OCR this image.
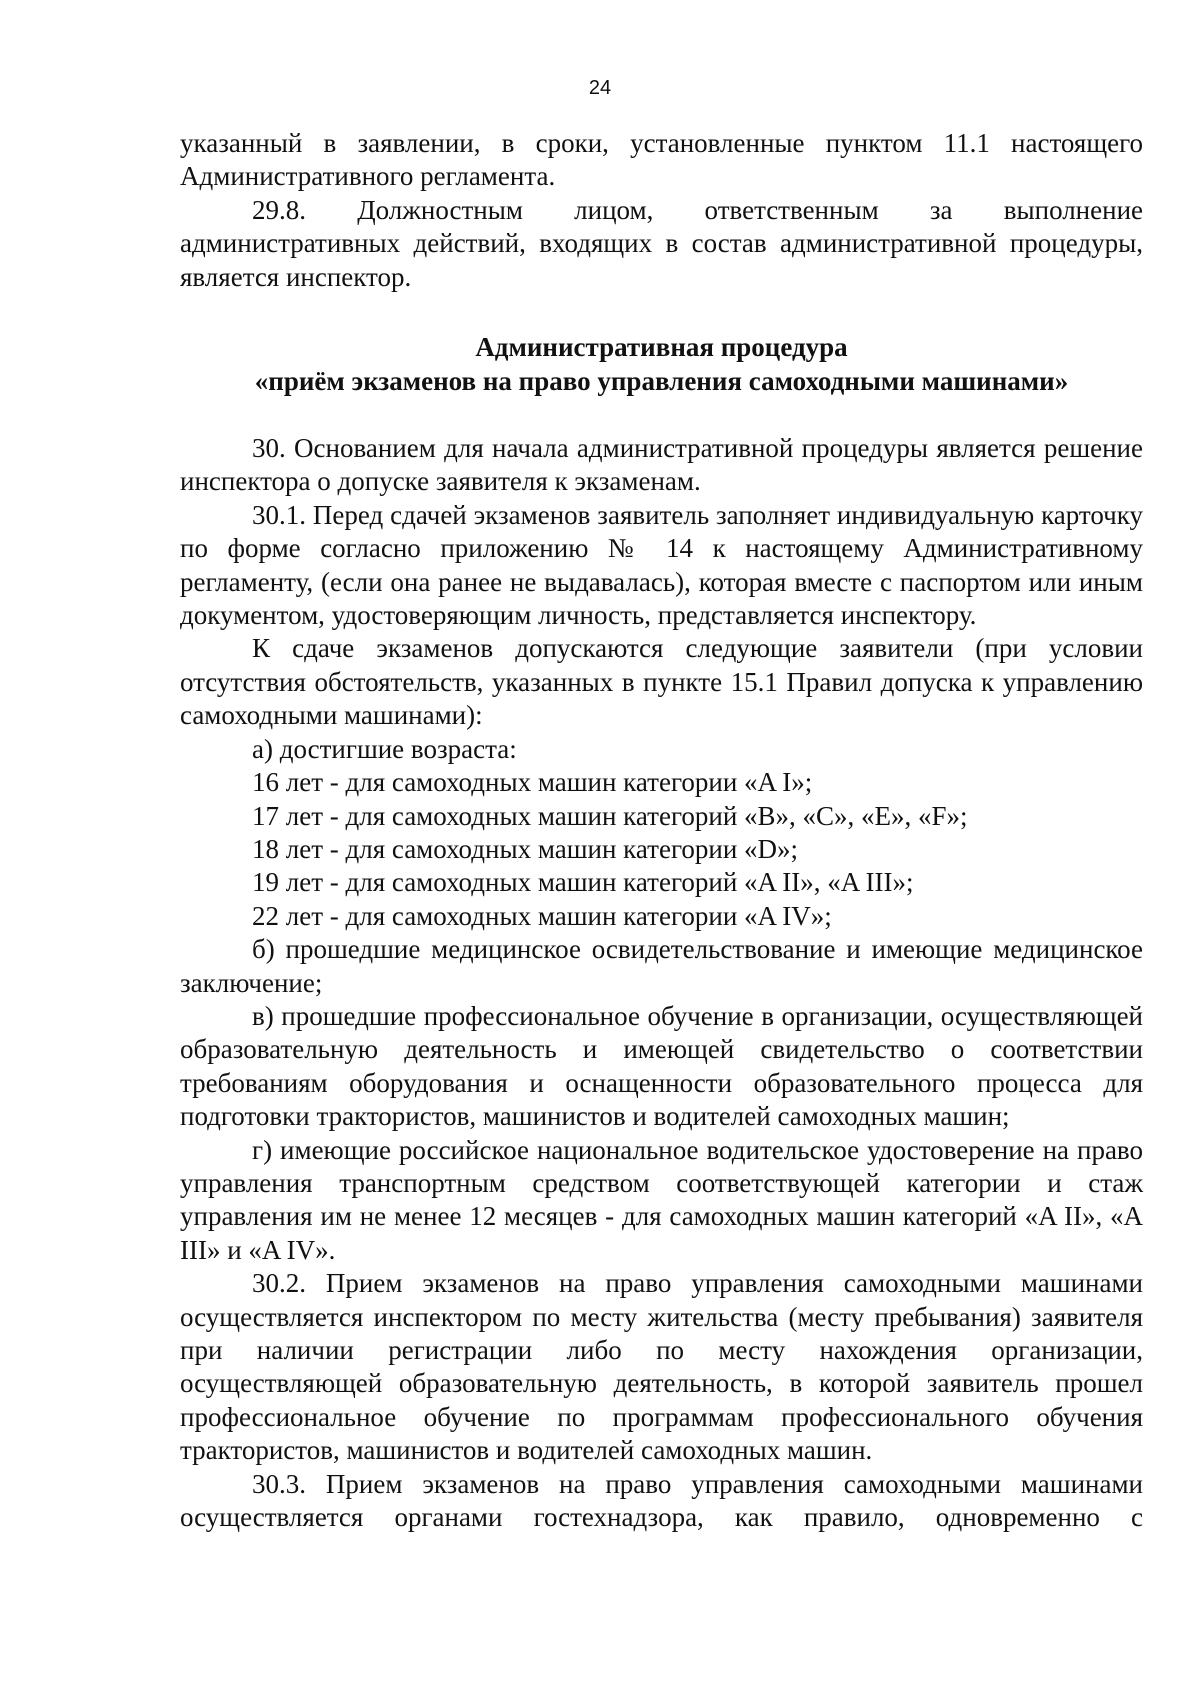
24

указанный в заявлении, в сроки, установленные пунктом 11.1 настоящего Административного регламента.

29.8. Должностным лицом, ответственным за выполнение административных действий, входящих в состав административной процедуры, является инспектор.

Административная процедура
«приём экзаменов на право управления самоходными машинами»

30. Основанием для начала административной процедуры является решение инспектора о допуске заявителя к экзаменам.

30.1. Перед сдачей экзаменов заявитель заполняет индивидуальную карточку по форме согласно приложению № 14 к настоящему Административному регламенту, (если она ранее не выдавалась), которая вместе с паспортом или иным документом, удостоверяющим личность, представляется инспектору.

К сдаче экзаменов допускаются следующие заявители (при условии отсутствия обстоятельств, указанных в пункте 15.1 Правил допуска к управлению самоходными машинами):

а) достигшие возраста:

16 лет - для самоходных машин категории «A I»;

17 лет - для самоходных машин категорий «B», «C», «E», «F»;

18 лет - для самоходных машин категории «D»;

19 лет - для самоходных машин категорий «A II», «A III»;

22 лет - для самоходных машин категории «A IV»;

б) прошедшие медицинское освидетельствование и имеющие медицинское заключение;

в) прошедшие профессиональное обучение в организации, осуществляющей образовательную деятельность и имеющей свидетельство о соответствии требованиям оборудования и оснащенности образовательного процесса для подготовки трактористов, машинистов и водителей самоходных машин;

г) имеющие российское национальное водительское удостоверение на право управления транспортным средством соответствующей категории и стаж управления им не менее 12 месяцев - для самоходных машин категорий «A II», «A III» и «A IV».

30.2. Прием экзаменов на право управления самоходными машинами осуществляется инспектором по месту жительства (месту пребывания) заявителя при наличии регистрации либо по месту нахождения организации, осуществляющей образовательную деятельность, в которой заявитель прошел профессиональное обучение по программам профессионального обучения трактористов, машинистов и водителей самоходных машин.

30.3. Прием экзаменов на право управления самоходными машинами осуществляется органами гостехнадзора, как правило, одновременно с
